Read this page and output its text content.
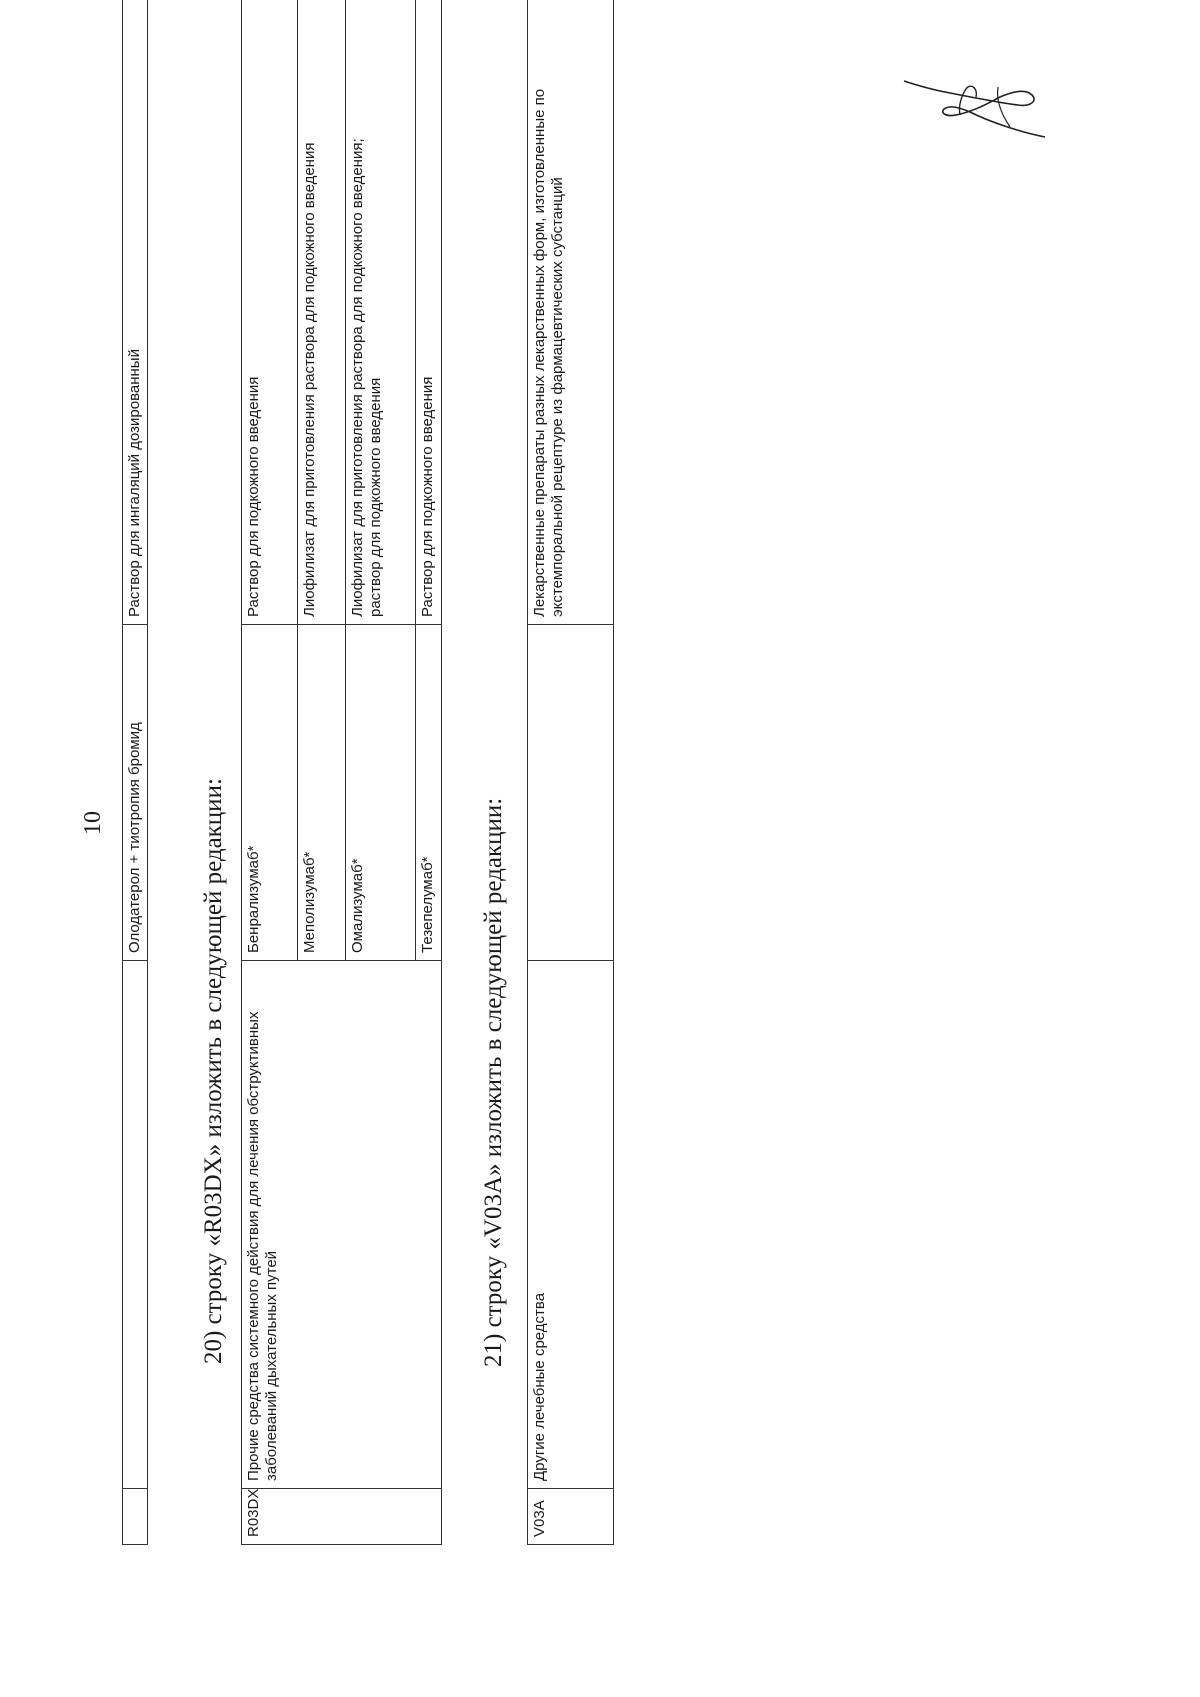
10
		Олодатерол + тиотропия бромид	Раствор для ингаляций дозированный
20) строку «R03DX» изложить в следующей редакции:
R03DX	Прочие средства системного действия для лечения обструктивных заболеваний дыхательных путей	Бенрализумаб*	Раствор для подкожного введения

		Меполизумаб*	Лиофилизат для приготовления раствора для подкожного введения

		Омализумаб*	Лиофилизат для приготовления раствора для подкожного введения; раствор для подкожного введения

		Тезепелумаб*	Раствор для подкожного введения
21) строку «V03A» изложить в следующей редакции:
V03A	Другие лечебные средства		Лекарственные препараты разных лекарственных форм, изготовленные по экстемпоральной рецептуре из фармацевтических субстанций
